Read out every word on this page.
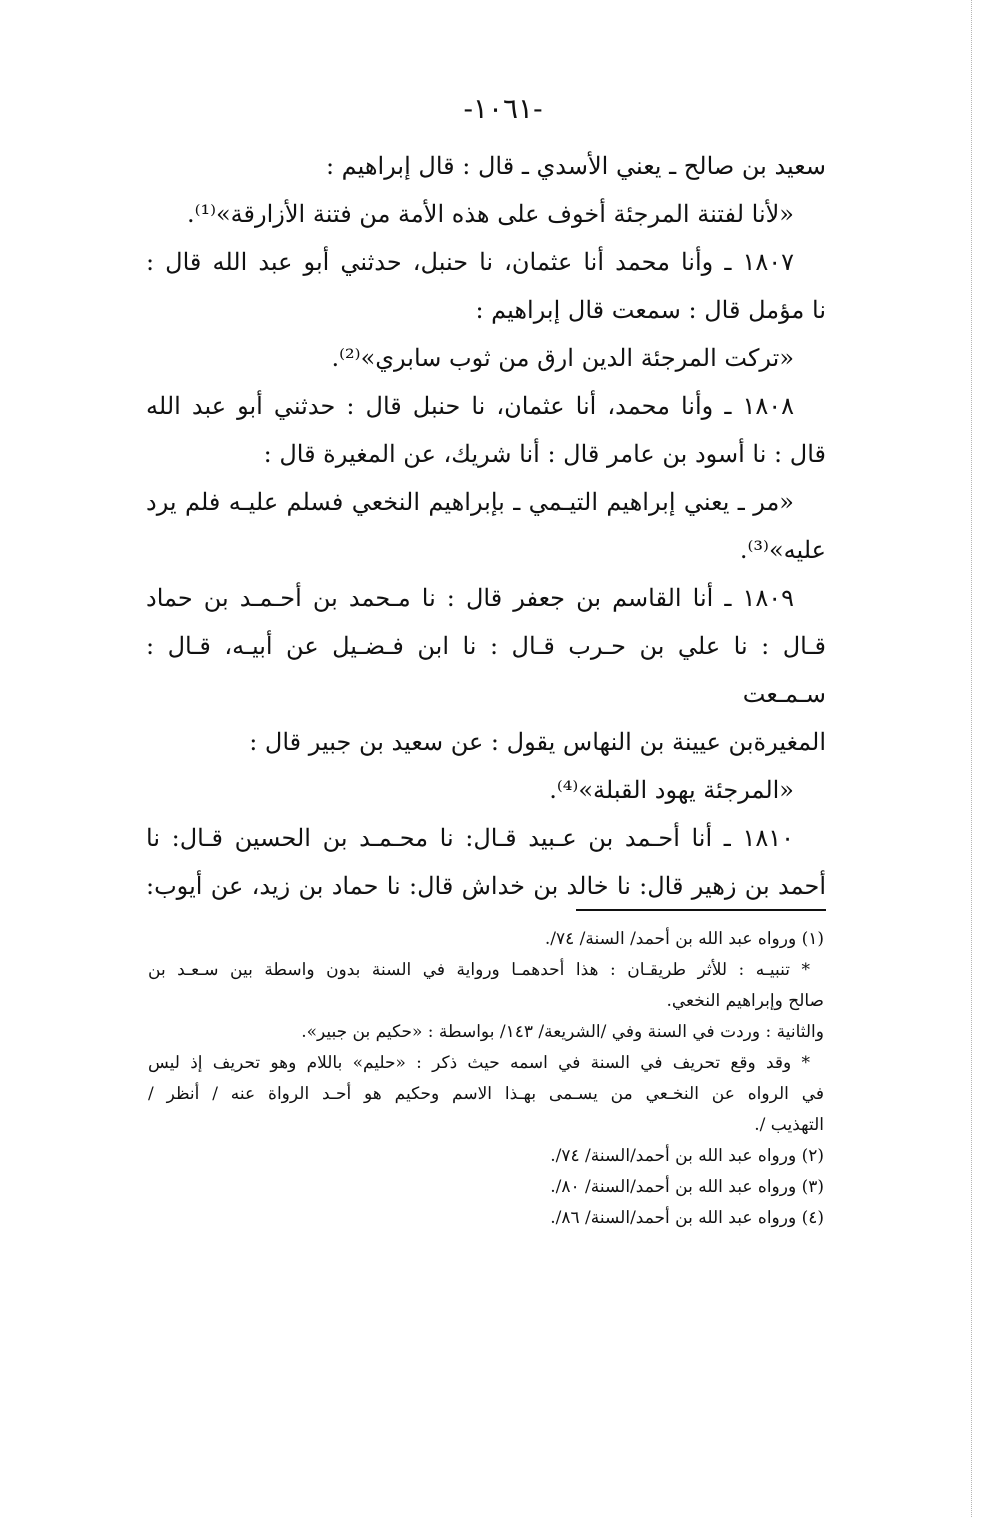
-١٠٦١-

سعيد بن صالح ـ يعني الأسدي ـ قال : قال إبراهيم :

«لأنا لفتنة المرجئة أخوف على هذه الأمة من فتنة الأزارقة»⁽¹⁾.

١٨٠٧ ـ وأنا محمد أنا عثمان، نا حنبل، حدثني أبو عبد الله قال :

نا مؤمل قال : سمعت قال إبراهيم :

«تركت المرجئة الدين ارق من ثوب سابري»⁽²⁾.

١٨٠٨ ـ وأنا محمد، أنا عثمان، نا حنبل قال : حدثني أبو عبد الله

قال : نا أسود بن عامر قال : أنا شريك، عن المغيرة قال :

«مر ـ يعني إبراهيم التيـمي ـ بإبراهيم النخعي فسلم عليـه فلم يرد

عليه»⁽³⁾.

١٨٠٩ ـ أنا القاسم بن جعفر قال : نا مـحمد بن أحـمـد بن حماد

قـال : نا علي بن حـرب قـال : نا ابن فـضـيل عن أبيـه، قـال : سـمـعت

المغيرةبن عيينة بن النهاس يقول : عن سعيد بن جبير قال :

«المرجئة يهود القبلة»⁽⁴⁾.

١٨١٠ ـ أنا أحـمد بن عـبيد قـال: نا محـمـد بن الحسين قـال: نا

أحمد بن زهير قال: نا خالد بن خداش قال: نا حماد بن زيد، عن أيوب:

(١) ورواه عبد الله بن أحمد/ السنة/ ٧٤/.

* تنبيـه : للأثر طريقـان : هذا أحدهمـا ورواية في السنة بدون واسطة بين سـعـد بن

صالح وإبراهيم النخعي.

والثانية : وردت في السنة وفي /الشريعة/ ١٤٣/ بواسطة : «حكيم بن جبير».

* وقد وقع تحريف في السنة في اسمه حيث ذكر : «حليم» باللام وهو تحريف إذ ليس

في الرواه عن النخـعي من يسـمى بهـذا الاسم وحكيم هو أحـد الرواة عنه / أنظر /

التهذيب /.

(٢) ورواه عبد الله بن أحمد/السنة/ ٧٤/.

(٣) ورواه عبد الله بن أحمد/السنة/ ٨٠/.

(٤) ورواه عبد الله بن أحمد/السنة/ ٨٦/.
